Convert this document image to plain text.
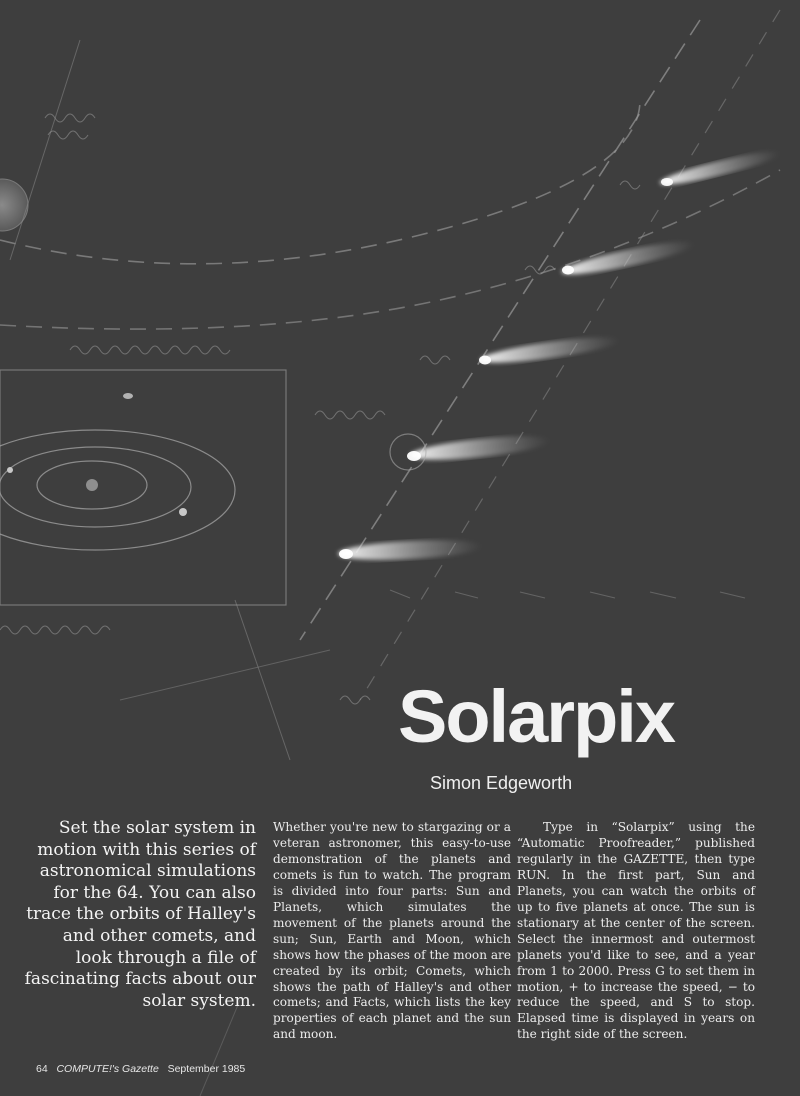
Solarpix
Simon Edgeworth

Set the solar system in motion with this series of astronomical simulations for the 64. You can also trace the orbits of Halley's and other comets, and look through a file of fascinating facts about our solar system.

Whether you're new to stargazing or a veteran astronomer, this easy-to-use demonstration of the planets and comets is fun to watch. The program is divided into four parts: Sun and Planets, which simulates the movement of the planets around the sun; Sun, Earth and Moon, which shows how the phases of the moon are created by its orbit; Comets, which shows the path of Halley's and other comets; and Facts, which lists the key properties of each planet and the sun and moon.

Type in “Solarpix” using the “Automatic Proofreader,” published regularly in the GAZETTE, then type RUN. In the first part, Sun and Planets, you can watch the orbits of up to five planets at once. The sun is stationary at the center of the screen. Select the innermost and outermost planets you'd like to see, and a year from 1 to 2000. Press G to set them in motion, + to increase the speed, − to reduce the speed, and S to stop. Elapsed time is displayed in years on the right side of the screen.

64 COMPUTE!'s Gazette September 1985
